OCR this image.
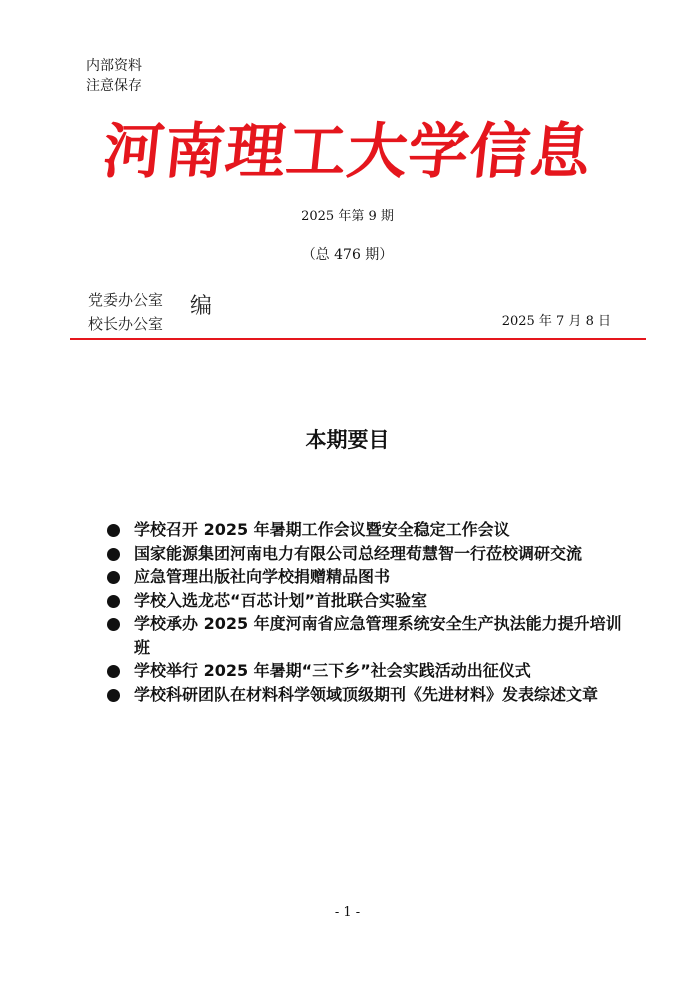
内部资料
注意保存
河南理工大学信息
2025 年第 9 期
（总 476 期）
党委办公室
校长办公室
编
2025 年 7 月 8 日
本期要目
学校召开 2025 年暑期工作会议暨安全稳定工作会议
国家能源集团河南电力有限公司总经理荀慧智一行莅校调研交流
应急管理出版社向学校捐赠精品图书
学校入选龙芯“百芯计划”首批联合实验室
学校承办 2025 年度河南省应急管理系统安全生产执法能力提升培训班
学校举行 2025 年暑期“三下乡”社会实践活动出征仪式
学校科研团队在材料科学领域顶级期刊《先进材料》发表综述文章
- 1 -
